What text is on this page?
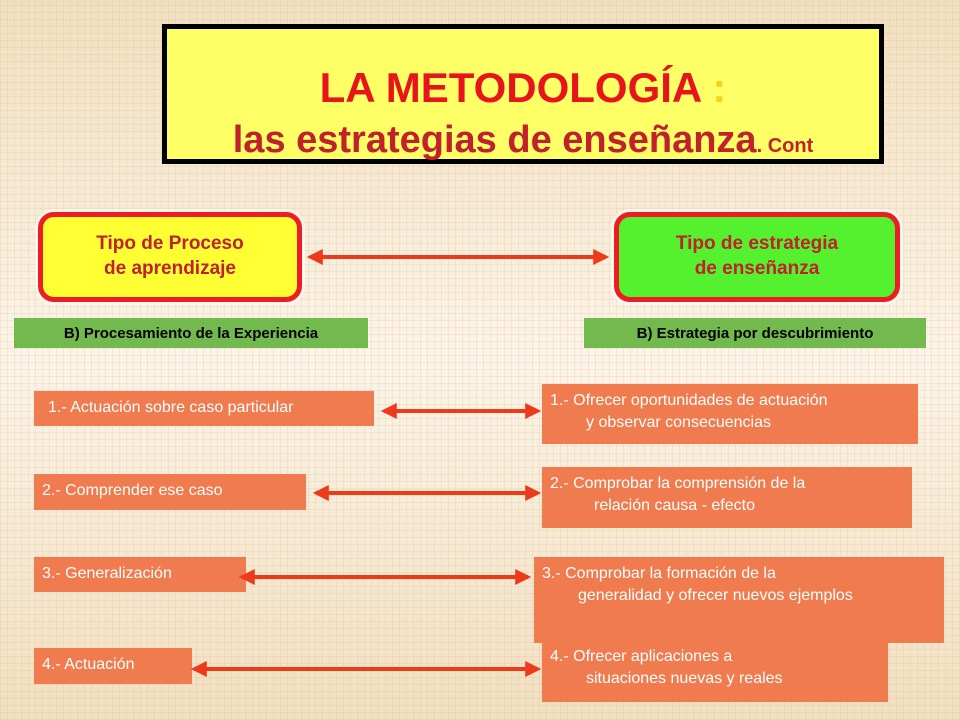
LA METODOLOGÍA :
las estrategias de enseñanza. Cont
Tipo de Proceso
de aprendizaje
Tipo de estrategia
de enseñanza
B) Procesamiento de la Experiencia	B) Estrategia por descubrimiento
1.- Actuación sobre caso particular
2.- Comprender ese caso
3.- Generalización
4.- Actuación
1.- Ofrecer oportunidades de actuación
y observar consecuencias
2.- Comprobar la comprensión de la
relación causa - efecto
3.- Comprobar la formación de la
generalidad y ofrecer nuevos ejemplos
4.- Ofrecer aplicaciones a
situaciones nuevas y reales
